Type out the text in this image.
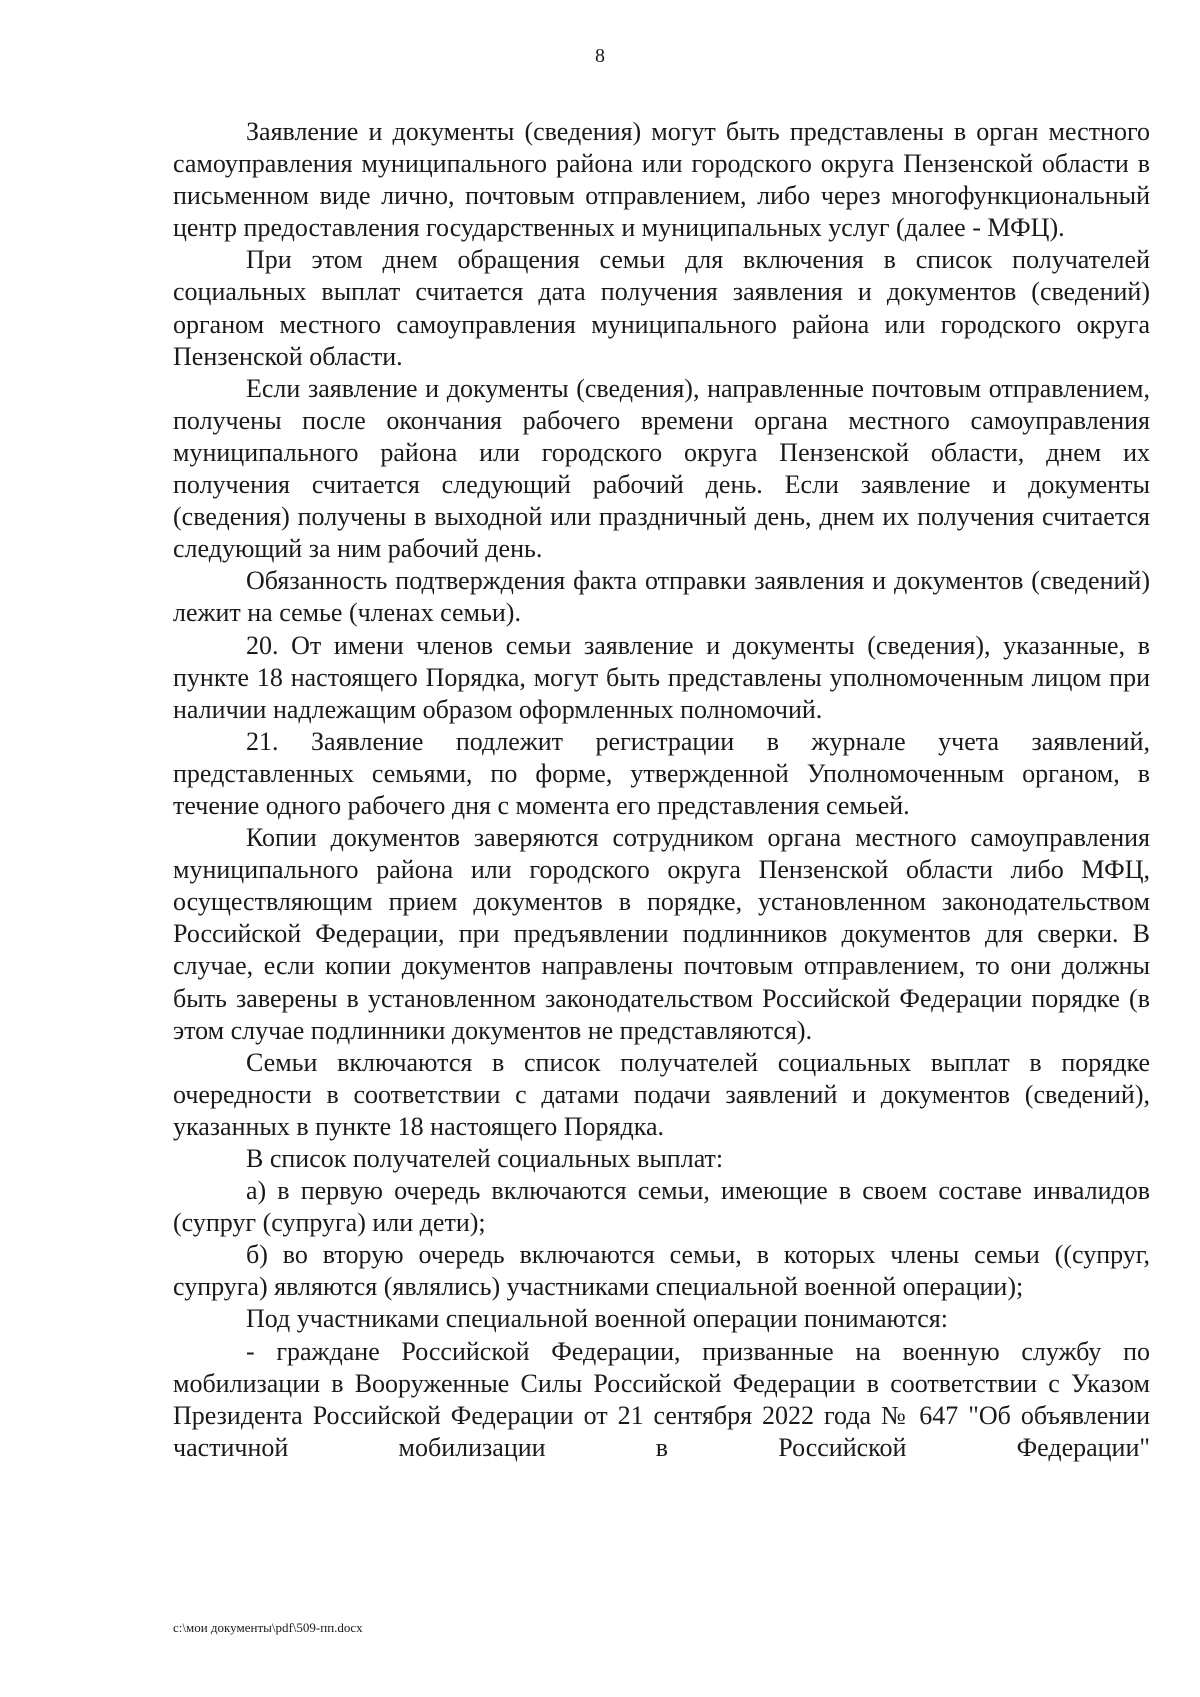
8

Заявление и документы (сведения) могут быть представлены в орган местного самоуправления муниципального района или городского округа Пензенской области в письменном виде лично, почтовым отправлением, либо через многофункциональный центр предоставления государственных и муниципальных услуг (далее - МФЦ).

При этом днем обращения семьи для включения в список получателей социальных выплат считается дата получения заявления и документов (сведений) органом местного самоуправления муниципального района или городского округа Пензенской области.

Если заявление и документы (сведения), направленные почтовым отправлением, получены после окончания рабочего времени органа местного самоуправления муниципального района или городского округа Пензенской области, днем их получения считается следующий рабочий день. Если заявление и документы (сведения) получены в выходной или праздничный день, днем их получения считается следующий за ним рабочий день.

Обязанность подтверждения факта отправки заявления и документов (сведений) лежит на семье (членах семьи).

20. От имени членов семьи заявление и документы (сведения), указанные, в пункте 18 настоящего Порядка, могут быть представлены уполномоченным лицом при наличии надлежащим образом оформленных полномочий.

21. Заявление подлежит регистрации в журнале учета заявлений, представленных семьями, по форме, утвержденной Уполномоченным органом, в течение одного рабочего дня с момента его представления семьей.

Копии документов заверяются сотрудником органа местного самоуправления муниципального района или городского округа Пензенской области либо МФЦ, осуществляющим прием документов в порядке, установленном законодательством Российской Федерации, при предъявлении подлинников документов для сверки. В случае, если копии документов направлены почтовым отправлением, то они должны быть заверены в установленном законодательством Российской Федерации порядке (в этом случае подлинники документов не представляются).

Семьи включаются в список получателей социальных выплат в порядке очередности в соответствии с датами подачи заявлений и документов (сведений), указанных в пункте 18 настоящего Порядка.

В список получателей социальных выплат:

а) в первую очередь включаются семьи, имеющие в своем составе инвалидов (супруг (супруга) или дети);

б) во вторую очередь включаются семьи, в которых члены семьи ((супруг, супруга) являются (являлись) участниками специальной военной операции);

Под участниками специальной военной операции понимаются:

- граждане Российской Федерации, призванные на военную службу по мобилизации в Вооруженные Силы Российской Федерации в соответствии с Указом Президента Российской Федерации от 21 сентября 2022 года № 647 "Об объявлении частичной мобилизации в Российской Федерации"

c:\мои документы\pdf\509-пп.docx
